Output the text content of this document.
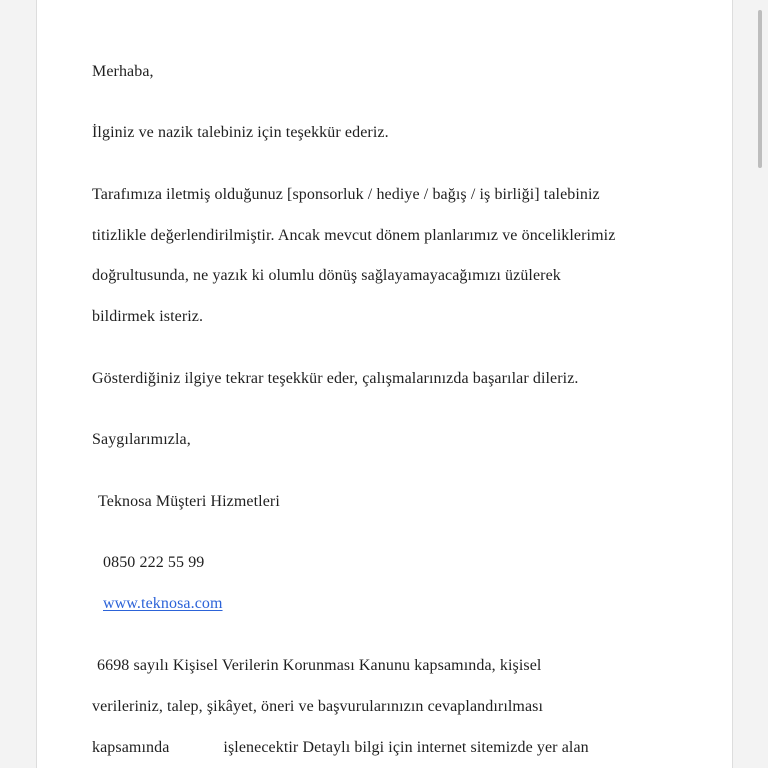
Merhaba,

İlginiz ve nazik talebiniz için teşekkür ederiz.

Tarafımıza iletmiş olduğunuz [sponsorluk / hediye / bağış / iş birliği] talebiniz

titizlikle değerlendirilmiştir. Ancak mevcut dönem planlarımız ve önceliklerimiz

doğrultusunda, ne yazık ki olumlu dönüş sağlayamayacağımızı üzülerek

bildirmek isteriz.

Gösterdiğiniz ilgiye tekrar teşekkür eder, çalışmalarınızda başarılar dileriz.

Saygılarımızla,

Teknosa Müşteri Hizmetleri

0850 222 55 99

www.teknosa.com

6698 sayılı Kişisel Verilerin Korunması Kanunu kapsamında, kişisel

verileriniz, talep, şikâyet, öneri ve başvurularınızın cevaplandırılması

kapsamında	işlenecektir Detaylı bilgi için internet sitemizde yer alan
